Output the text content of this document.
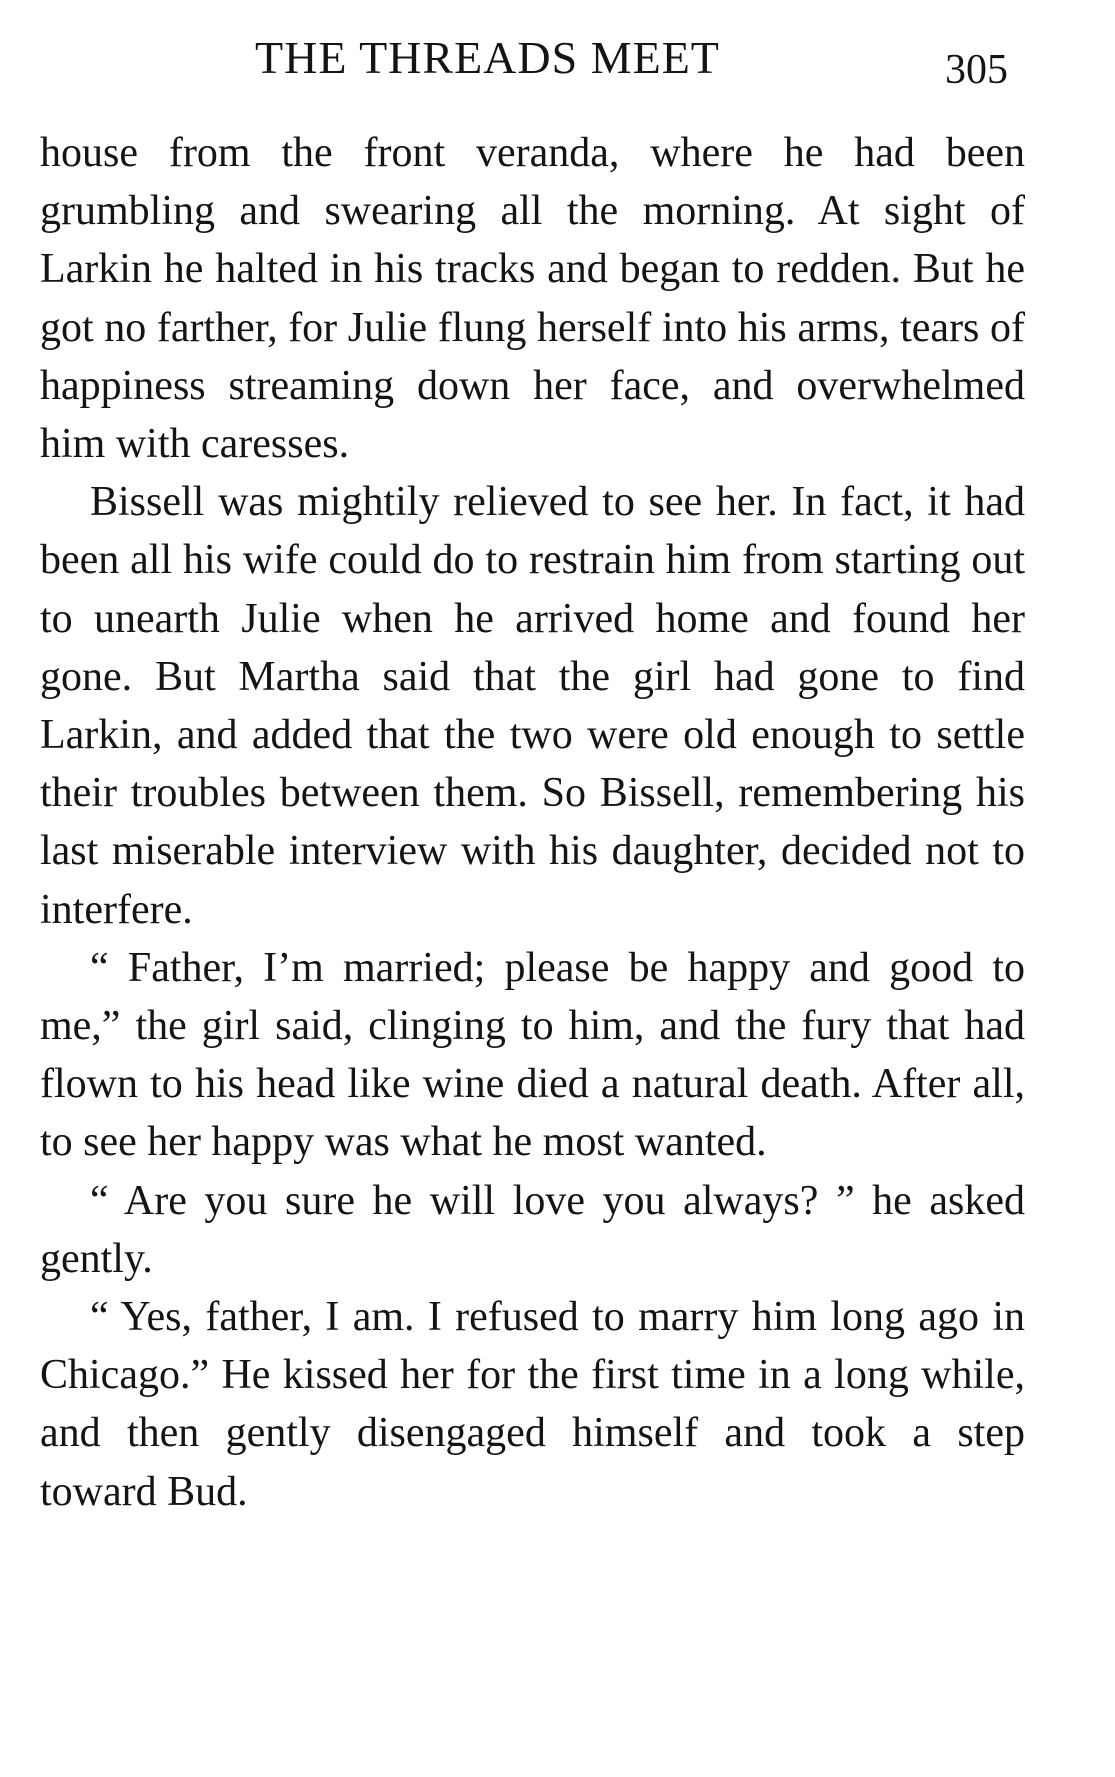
THE THREADS MEET	305

house from the front veranda, where he had been grumbling and swearing all the morning. At sight of Larkin he halted in his tracks and began to redden. But he got no farther, for Julie flung herself into his arms, tears of happiness streaming down her face, and overwhelmed him with caresses.

Bissell was mightily relieved to see her. In fact, it had been all his wife could do to restrain him from starting out to unearth Julie when he arrived home and found her gone. But Martha said that the girl had gone to find Larkin, and added that the two were old enough to settle their troubles between them. So Bissell, remembering his last miserable interview with his daughter, decided not to interfere.

“ Father, I’m married; please be happy and good to me,” the girl said, clinging to him, and the fury that had flown to his head like wine died a natural death. After all, to see her happy was what he most wanted.

“ Are you sure he will love you always? ” he asked gently.

“ Yes, father, I am. I refused to marry him long ago in Chicago.” He kissed her for the first time in a long while, and then gently disengaged himself and took a step toward Bud.
